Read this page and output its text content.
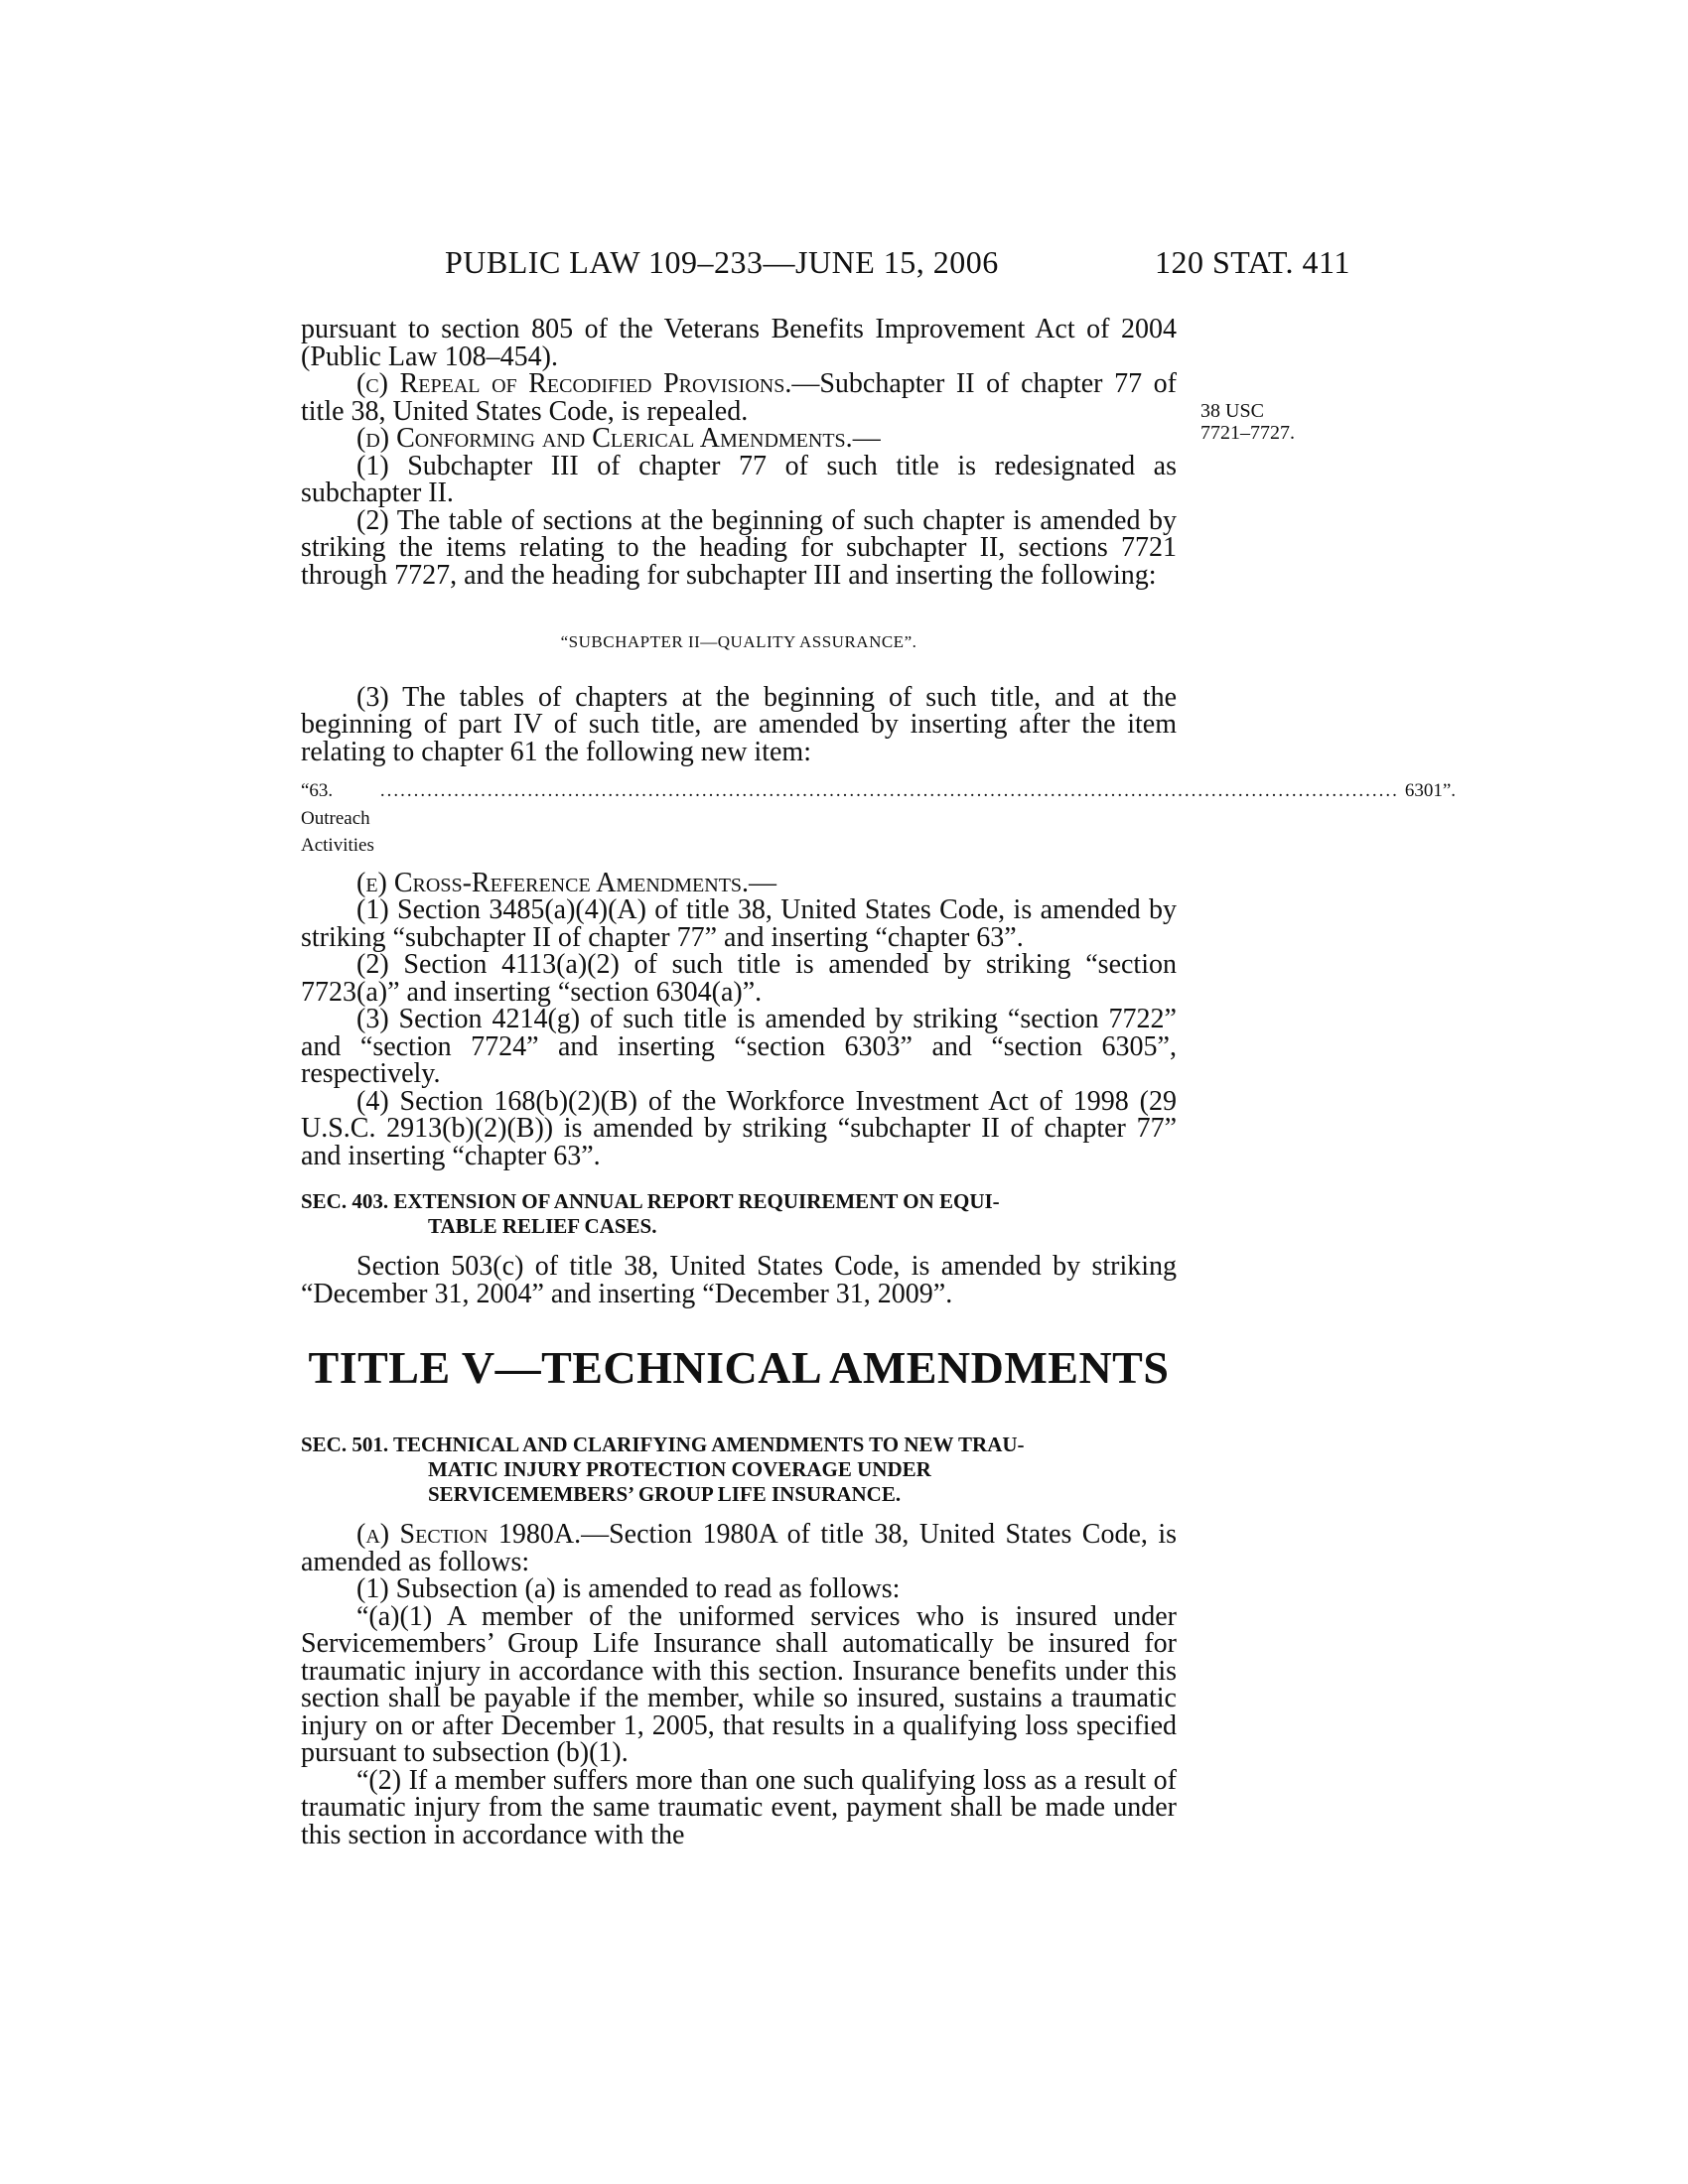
PUBLIC LAW 109–233—JUNE 15, 2006	120 STAT. 411
38 USC
7721–7727.

pursuant to section 805 of the Veterans Benefits Improvement Act of 2004 (Public Law 108–454).

(c) Repeal of Recodified Provisions.—Subchapter II of chapter 77 of title 38, United States Code, is repealed.

(d) Conforming and Clerical Amendments.—

(1) Subchapter III of chapter 77 of such title is redesignated as subchapter II.

(2) The table of sections at the beginning of such chapter is amended by striking the items relating to the heading for subchapter II, sections 7721 through 7727, and the heading for subchapter III and inserting the following:

“SUBCHAPTER II—QUALITY ASSURANCE”.

(3) The tables of chapters at the beginning of such title, and at the beginning of part IV of such title, are amended by inserting after the item relating to chapter 61 the following new item:

“63. Outreach Activities
........................................................................................................................................................ 6301”.

(e) Cross-Reference Amendments.—

(1) Section 3485(a)(4)(A) of title 38, United States Code, is amended by striking “subchapter II of chapter 77” and inserting “chapter 63”.

(2) Section 4113(a)(2) of such title is amended by striking “section 7723(a)” and inserting “section 6304(a)”.

(3) Section 4214(g) of such title is amended by striking “section 7722” and “section 7724” and inserting “section 6303” and “section 6305”, respectively.

(4) Section 168(b)(2)(B) of the Workforce Investment Act of 1998 (29 U.S.C. 2913(b)(2)(B)) is amended by striking “subchapter II of chapter 77” and inserting “chapter 63”.

SEC. 403. EXTENSION OF ANNUAL REPORT REQUIREMENT ON EQUI-
TABLE RELIEF CASES.

Section 503(c) of title 38, United States Code, is amended by striking “December 31, 2004” and inserting “December 31, 2009”.

TITLE V—TECHNICAL AMENDMENTS

SEC. 501. TECHNICAL AND CLARIFYING AMENDMENTS TO NEW TRAU-
MATIC INJURY PROTECTION COVERAGE UNDER
SERVICEMEMBERS’ GROUP LIFE INSURANCE.

(a) Section 1980A.—Section 1980A of title 38, United States Code, is amended as follows:

(1) Subsection (a) is amended to read as follows:

“(a)(1) A member of the uniformed services who is insured under Servicemembers’ Group Life Insurance shall automatically be insured for traumatic injury in accordance with this section. Insurance benefits under this section shall be payable if the member, while so insured, sustains a traumatic injury on or after December 1, 2005, that results in a qualifying loss specified pursuant to subsection (b)(1).

“(2) If a member suffers more than one such qualifying loss as a result of traumatic injury from the same traumatic event, payment shall be made under this section in accordance with the
